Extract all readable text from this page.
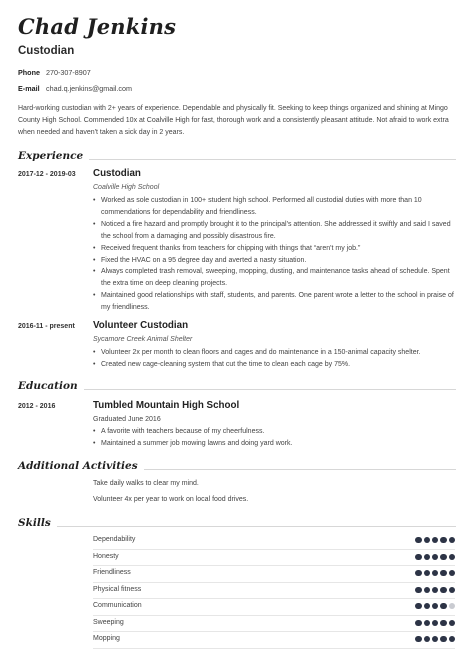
Chad Jenkins
Custodian
Phone 270-307-8907
E-mail chad.q.jenkins@gmail.com
Hard-working custodian with 2+ years of experience. Dependable and physically fit. Seeking to keep things organized and shining at Mingo County High School. Commended 10x at Coalville High for fast, thorough work and a consistently pleasant attitude. Not afraid to work extra when needed and haven't taken a sick day in 2 years.
Experience
2017-12 - 2019-03 Custodian
Coalville High School
• Worked as sole custodian in 100+ student high school. Performed all custodial duties with more than 10 commendations for dependability and friendliness.
• Noticed a fire hazard and promptly brought it to the principal's attention. She addressed it swiftly and said I saved the school from a damaging and possibly disastrous fire.
• Received frequent thanks from teachers for chipping with things that “aren't my job.”
• Fixed the HVAC on a 95 degree day and averted a nasty situation.
• Always completed trash removal, sweeping, mopping, dusting, and maintenance tasks ahead of schedule. Spent the extra time on deep cleaning projects.
• Maintained good relationships with staff, students, and parents. One parent wrote a letter to the school in praise of my friendliness.
2016-11 - present Volunteer Custodian
Sycamore Creek Animal Shelter
• Volunteer 2x per month to clean floors and cages and do maintenance in a 150-animal capacity shelter.
• Created new cage-cleaning system that cut the time to clean each cage by 75%.
Education
2012 - 2016	Tumbled Mountain High School
Graduated June 2016
• A favorite with teachers because of my cheerfulness.
• Maintained a summer job mowing lawns and doing yard work.
Additional Activities
Take daily walks to clear my mind.
Volunteer 4x per year to work on local food drives.
Skills
Dependability
Honesty
Friendliness
Physical fitness
Communication
Sweeping
Mopping
